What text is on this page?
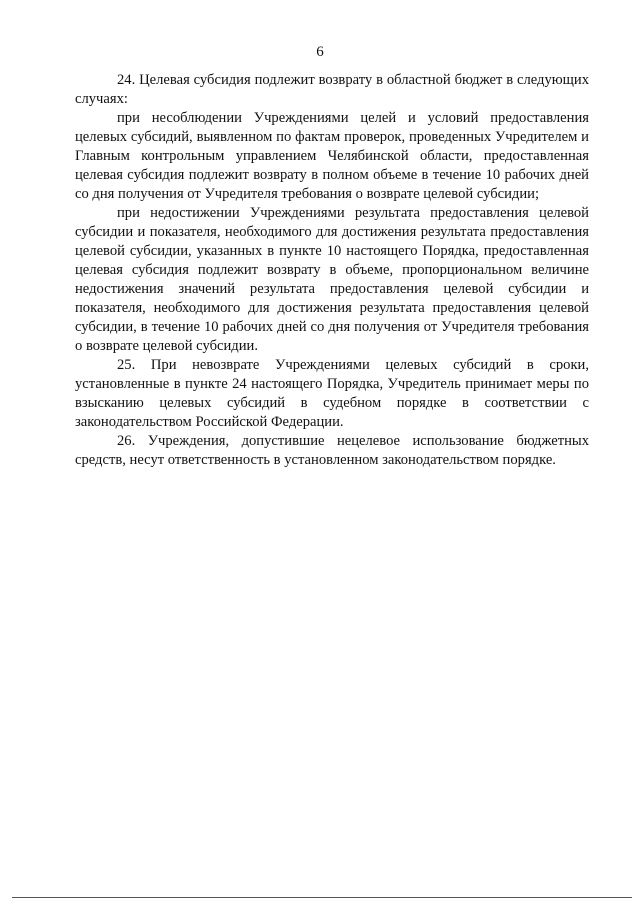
6

24. Целевая субсидия подлежит возврату в областной бюджет в следующих случаях:

при несоблюдении Учреждениями целей и условий предоставления целевых субсидий, выявленном по фактам проверок, проведенных Учредителем и Главным контрольным управлением Челябинской области, предоставленная целевая субсидия подлежит возврату в полном объеме в течение 10 рабочих дней со дня получения от Учредителя требования о возврате целевой субсидии;

при недостижении Учреждениями результата предоставления целевой субсидии и показателя, необходимого для достижения результата предоставления целевой субсидии, указанных в пункте 10 настоящего Порядка, предоставленная целевая субсидия подлежит возврату в объеме, пропорциональном величине недостижения значений результата предоставления целевой субсидии и показателя, необходимого для достижения результата предоставления целевой субсидии, в течение 10 рабочих дней со дня получения от Учредителя требования о возврате целевой субсидии.

25. При невозврате Учреждениями целевых субсидий в сроки, установленные в пункте 24 настоящего Порядка, Учредитель принимает меры по взысканию целевых субсидий в судебном порядке в соответствии с законодательством Российской Федерации.

26. Учреждения, допустившие нецелевое использование бюджетных средств, несут ответственность в установленном законодательством порядке.
